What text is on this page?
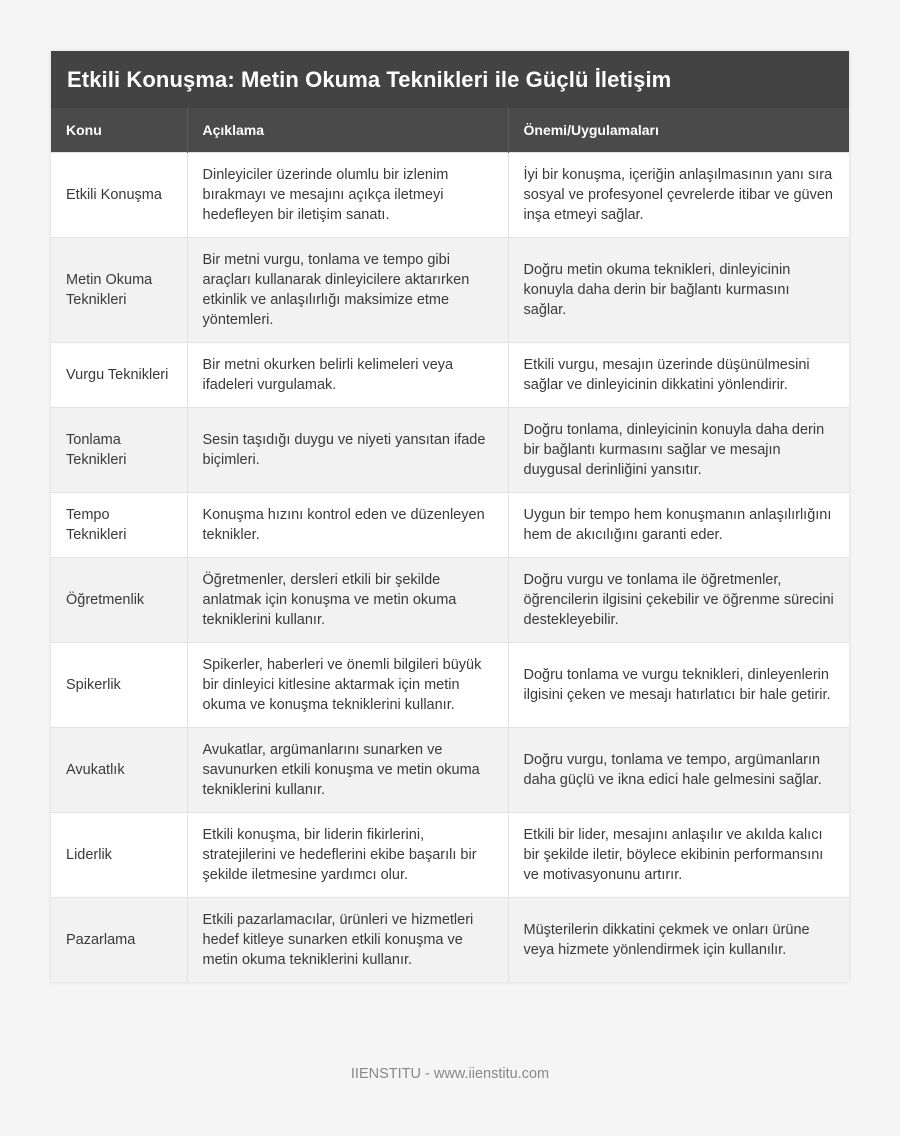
Etkili Konuşma: Metin Okuma Teknikleri ile Güçlü İletişim
Konu	Açıklama	Önemi/Uygulamaları
Etkili Konuşma	Dinleyiciler üzerinde olumlu bir izlenim bırakmayı ve mesajını açıkça iletmeyi hedefleyen bir iletişim sanatı.	İyi bir konuşma, içeriğin anlaşılmasının yanı sıra sosyal ve profesyonel çevrelerde itibar ve güven inşa etmeyi sağlar.
Metin Okuma Teknikleri	Bir metni vurgu, tonlama ve tempo gibi araçları kullanarak dinleyicilere aktarırken etkinlik ve anlaşılırlığı maksimize etme yöntemleri.	Doğru metin okuma teknikleri, dinleyicinin konuyla daha derin bir bağlantı kurmasını sağlar.
Vurgu Teknikleri	Bir metni okurken belirli kelimeleri veya ifadeleri vurgulamak.	Etkili vurgu, mesajın üzerinde düşünülmesini sağlar ve dinleyicinin dikkatini yönlendirir.
Tonlama Teknikleri	Sesin taşıdığı duygu ve niyeti yansıtan ifade biçimleri.	Doğru tonlama, dinleyicinin konuyla daha derin bir bağlantı kurmasını sağlar ve mesajın duygusal derinliğini yansıtır.
Tempo Teknikleri	Konuşma hızını kontrol eden ve düzenleyen teknikler.	Uygun bir tempo hem konuşmanın anlaşılırlığını hem de akıcılığını garanti eder.
Öğretmenlik	Öğretmenler, dersleri etkili bir şekilde anlatmak için konuşma ve metin okuma tekniklerini kullanır.	Doğru vurgu ve tonlama ile öğretmenler, öğrencilerin ilgisini çekebilir ve öğrenme sürecini destekleyebilir.
Spikerlik	Spikerler, haberleri ve önemli bilgileri büyük bir dinleyici kitlesine aktarmak için metin okuma ve konuşma tekniklerini kullanır.	Doğru tonlama ve vurgu teknikleri, dinleyenlerin ilgisini çeken ve mesajı hatırlatıcı bir hale getirir.
Avukatlık	Avukatlar, argümanlarını sunarken ve savunurken etkili konuşma ve metin okuma tekniklerini kullanır.	Doğru vurgu, tonlama ve tempo, argümanların daha güçlü ve ikna edici hale gelmesini sağlar.
Liderlik	Etkili konuşma, bir liderin fikirlerini, stratejilerini ve hedeflerini ekibe başarılı bir şekilde iletmesine yardımcı olur.	Etkili bir lider, mesajını anlaşılır ve akılda kalıcı bir şekilde iletir, böylece ekibinin performansını ve motivasyonunu artırır.
Pazarlama	Etkili pazarlamacılar, ürünleri ve hizmetleri hedef kitleye sunarken etkili konuşma ve metin okuma tekniklerini kullanır.	Müşterilerin dikkatini çekmek ve onları ürüne veya hizmete yönlendirmek için kullanılır.
IIENSTITU - www.iienstitu.com
